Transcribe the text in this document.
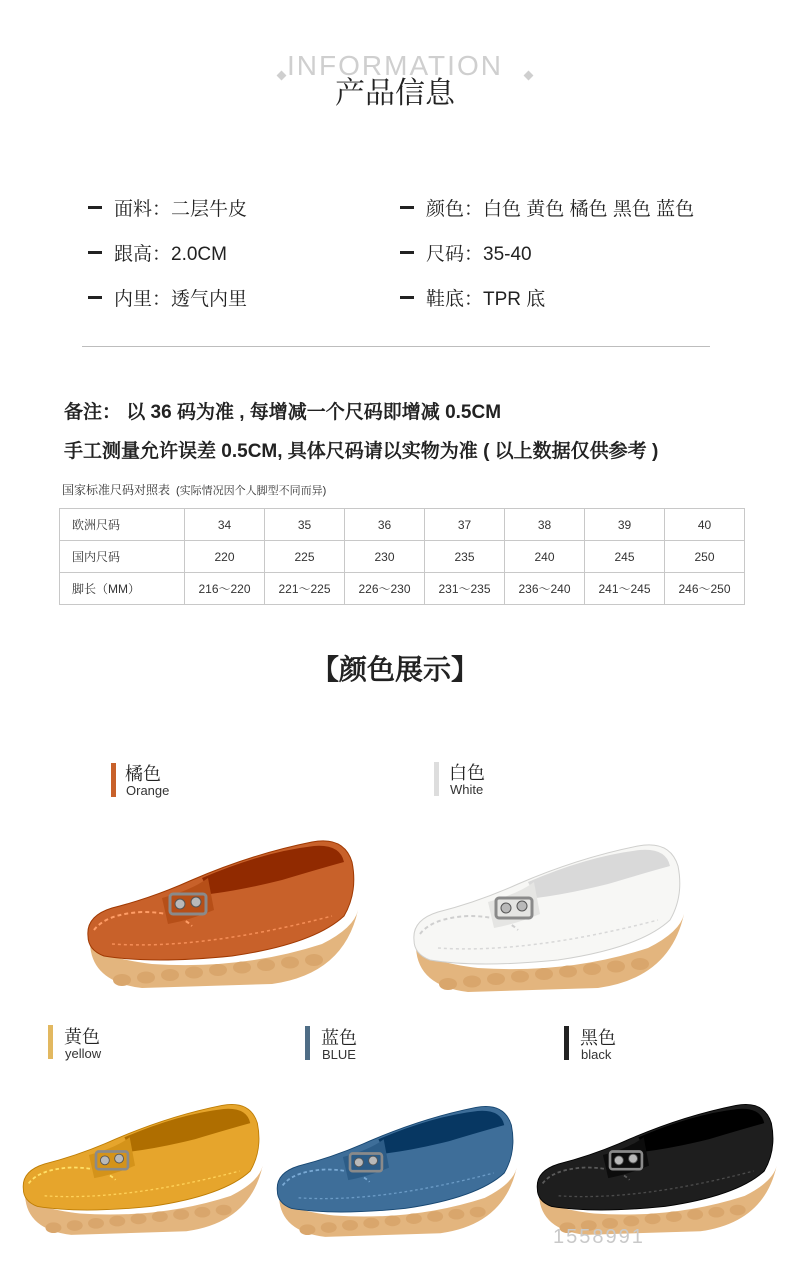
INFORMATION
产品信息
面料：二层牛皮	颜色：白色 黄色 橘色 黑色 蓝色
跟高：2.0CM	尺码：35-40
内里：透气内里	鞋底：TPR 底
备注： 以 36 码为准 , 每增减一个尺码即增减 0.5CM
手工测量允许误差 0.5CM, 具体尺码请以实物为准 ( 以上数据仅供参考 )
国家标准尺码对照表 (实际情况因个人脚型不同而异)
欧洲尺码	34	35	36	37	38	39	40
国内尺码	220	225	230	235	240	245	250
脚长（MM）	216～220	221～225	226～230	231～235	236～240	241～245	246～250
【颜色展示】
橘色
Orange
白色
White
黄色
yellow
蓝色
BLUE
黑色
black
1558991
